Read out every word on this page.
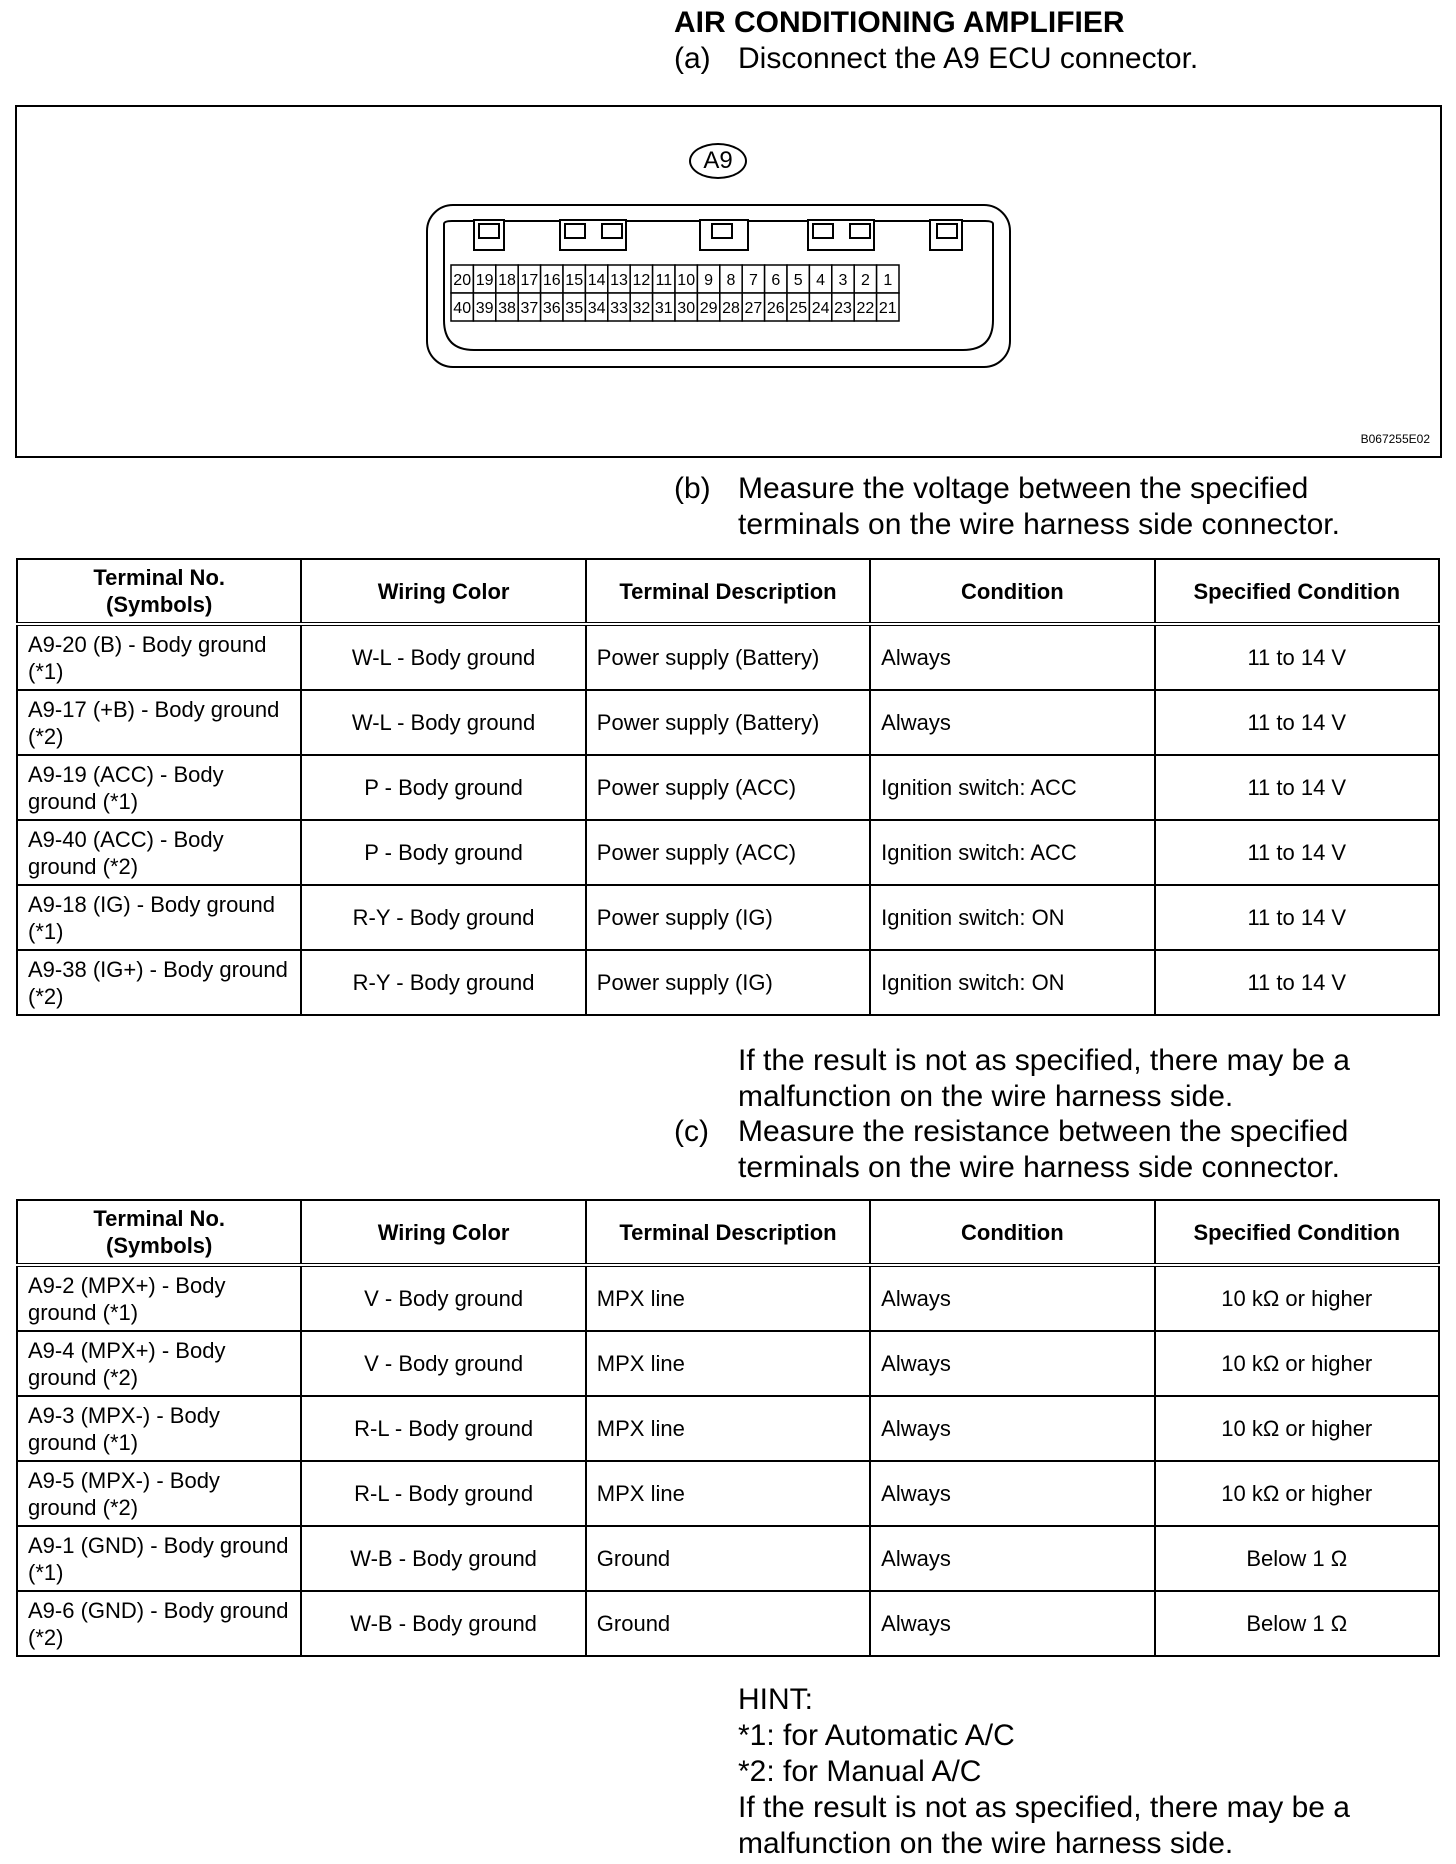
AIR CONDITIONING AMPLIFIER
(a) Disconnect the A9 ECU connector.
B067255E02
A9
20 19 18 17 16 15 14 13 12 11 10 9 8 7 6 5 4 3 2 1
40 39 38 37 36 35 34 33 32 31 30 29 28 27 26 25 24 23 22 21
(b) Measure the voltage between the specified
terminals on the wire harness side connector.
Terminal No.
(Symbols)	Wiring Color	Terminal Description	Condition	Specified Condition

A9-20 (B) - Body ground
(*1)	W-L - Body ground	Power supply (Battery)	Always	11 to 14 V

A9-17 (+B) - Body ground
(*2)	W-L - Body ground	Power supply (Battery)	Always	11 to 14 V

A9-19 (ACC) - Body
ground (*1)	P - Body ground	Power supply (ACC)	Ignition switch: ACC	11 to 14 V

A9-40 (ACC) - Body
ground (*2)	P - Body ground	Power supply (ACC)	Ignition switch: ACC	11 to 14 V

A9-18 (IG) - Body ground
(*1)	R-Y - Body ground	Power supply (IG)	Ignition switch: ON	11 to 14 V

A9-38 (IG+) - Body ground
(*2)	R-Y - Body ground	Power supply (IG)	Ignition switch: ON	11 to 14 V
If the result is not as specified, there may be a
malfunction on the wire harness side.
(c) Measure the resistance between the specified
terminals on the wire harness side connector.
Terminal No.
(Symbols)	Wiring Color	Terminal Description	Condition	Specified Condition

A9-2 (MPX+) - Body
ground (*1)	V - Body ground	MPX line	Always	10 kΩ or higher

A9-4 (MPX+) - Body
ground (*2)	V - Body ground	MPX line	Always	10 kΩ or higher

A9-3 (MPX-) - Body
ground (*1)	R-L - Body ground	MPX line	Always	10 kΩ or higher

A9-5 (MPX-) - Body
ground (*2)	R-L - Body ground	MPX line	Always	10 kΩ or higher

A9-1 (GND) - Body ground
(*1)	W-B - Body ground	Ground	Always	Below 1 Ω

A9-6 (GND) - Body ground
(*2)	W-B - Body ground	Ground	Always	Below 1 Ω
HINT:
*1: for Automatic A/C
*2: for Manual A/C
If the result is not as specified, there may be a
malfunction on the wire harness side.
